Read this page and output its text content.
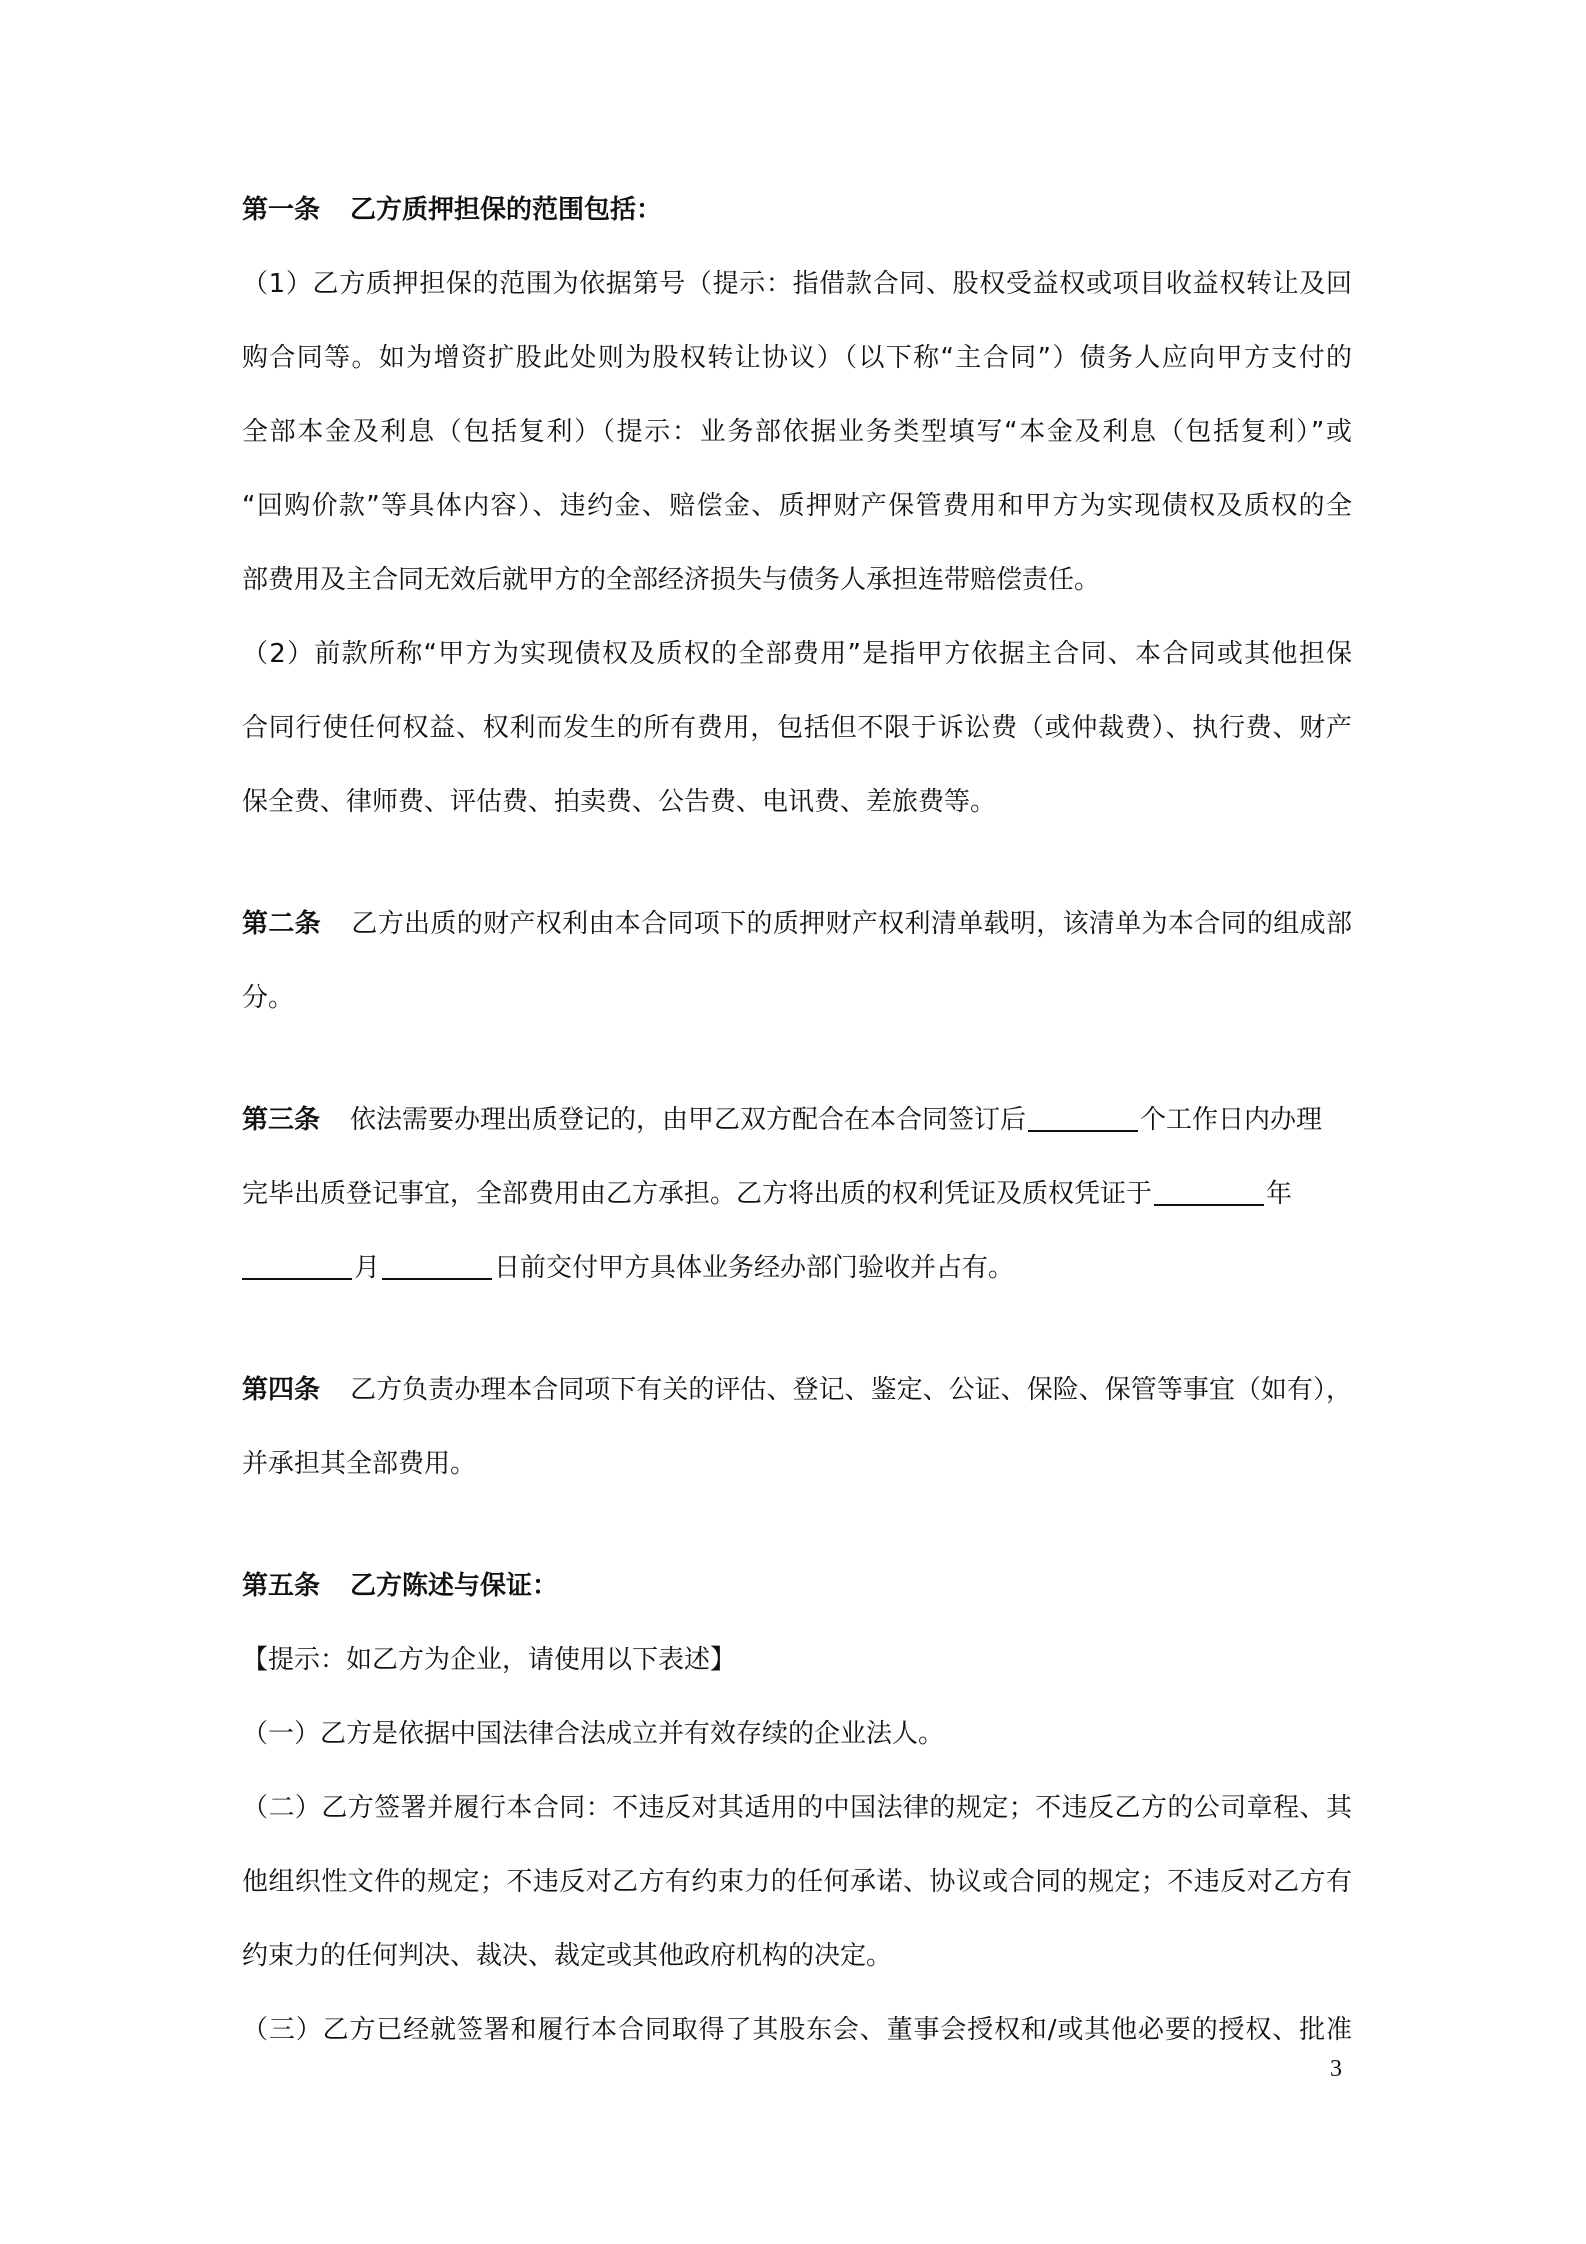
第一条 乙方质押担保的范围包括：
（1）乙方质押担保的范围为依据第号（提示：指借款合同、股权受益权或项目收益权转让及回
购合同等。如为增资扩股此处则为股权转让协议）（以下称“主合同”）债务人应向甲方支付的
全部本金及利息（包括复利）（提示：业务部依据业务类型填写“本金及利息（包括复利）”或
“回购价款”等具体内容）、违约金、赔偿金、质押财产保管费用和甲方为实现债权及质权的全
部费用及主合同无效后就甲方的全部经济损失与债务人承担连带赔偿责任。
（2）前款所称“甲方为实现债权及质权的全部费用”是指甲方依据主合同、本合同或其他担保
合同行使任何权益、权利而发生的所有费用，包括但不限于诉讼费（或仲裁费）、执行费、财产
保全费、律师费、评估费、拍卖费、公告费、电讯费、差旅费等。
第二条 乙方出质的财产权利由本合同项下的质押财产权利清单载明，该清单为本合同的组成部
分。
第三条 依法需要办理出质登记的，由甲乙双方配合在本合同签订后	个工作日内办理
完毕出质登记事宜，全部费用由乙方承担。乙方将出质的权利凭证及质权凭证于	年
月	日前交付甲方具体业务经办部门验收并占有。
第四条 乙方负责办理本合同项下有关的评估、登记、鉴定、公证、保险、保管等事宜（如有），
并承担其全部费用。
第五条 乙方陈述与保证：
【提示：如乙方为企业，请使用以下表述】
（一）乙方是依据中国法律合法成立并有效存续的企业法人。
（二）乙方签署并履行本合同：不违反对其适用的中国法律的规定；不违反乙方的公司章程、其
他组织性文件的规定；不违反对乙方有约束力的任何承诺、协议或合同的规定；不违反对乙方有
约束力的任何判决、裁决、裁定或其他政府机构的决定。
（三）乙方已经就签署和履行本合同取得了其股东会、董事会授权和/或其他必要的授权、批准
3
